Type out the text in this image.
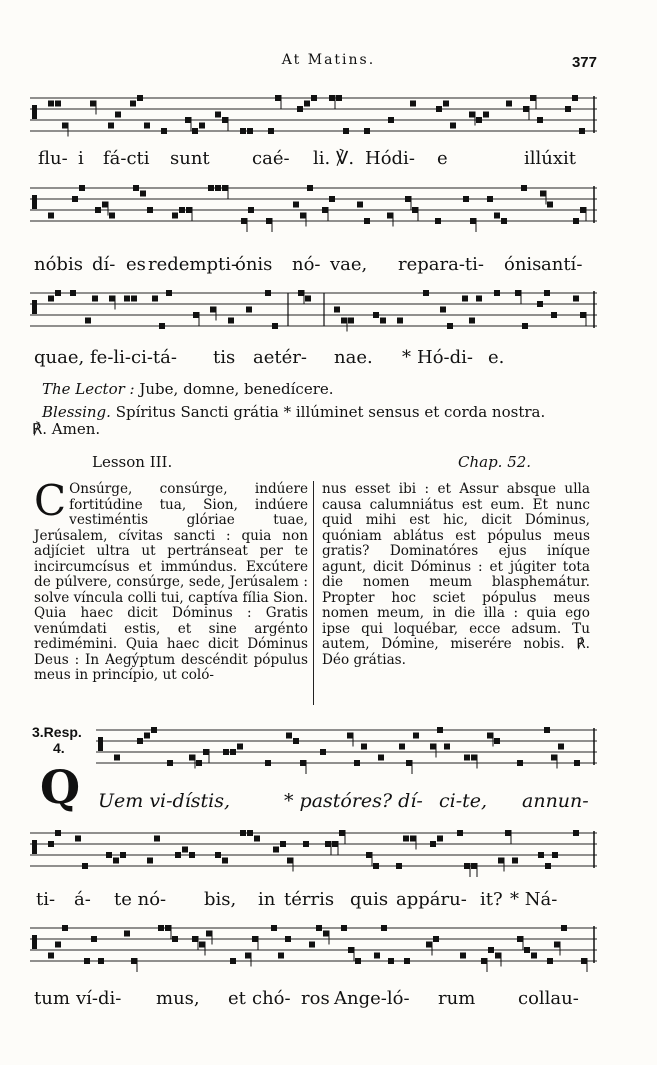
At Matins.	377
flu- i fá-cti sunt caé- li. ℣. Hódi- e	illúxit
nóbis dí- es redempti-
ónis nó- vae, repara-ti- ónis antí-
quae, fe-li-ci-tá- tis aetér- nae. * Hó-di- e.
The Lector : Jube, domne, benedícere.
Blessing. Spíritus Sancti grátia * illúminet sensus et corda nostra.
℟. Amen.
Lesson III.	Chap. 52.
C Onsúrge, consúrge, indúere fortitúdine tua, Sion, indúere vestiméntis glóriae tuae, Jerúsalem, cívitas sancti : quia non adjíciet ultra ut pertránseat per te incircumcísus et immúndus. Excútere de púlvere, consúrge, sede, Jerúsalem : solve víncula colli tui, captíva fília Sion. Quia haec dicit Dóminus : Gratis venúmdati estis, et sine argénto redimémini. Quia haec dicit Dóminus Deus : In Aegýptum descéndit pópulus meus in princípio, ut coló-
nus esset ibi : et Assur absque ulla causa calumniátus est eum. Et nunc quid mihi est hic, dicit Dóminus, quóniam ablátus est pópulus meus gratis? Dominatóres ejus iníque agunt, dicit Dóminus : et júgiter tota die nomen meum blasphemátur. Propter hoc sciet pópulus meus nomen meum, in die illa : quia ego ipse qui loquébar, ecce adsum. Tu autem, Dómine, miserére nobis. ℟. Déo grátias.
3.Resp.
4.
Q Uem vi-dístis,	* pastóres? dí- ci-te, annun-
ti- á- te nó- bis, in térris quis appáru- it? * Ná-
tum ví-di- mus, et chó- ros Ange-ló- rum collau-
